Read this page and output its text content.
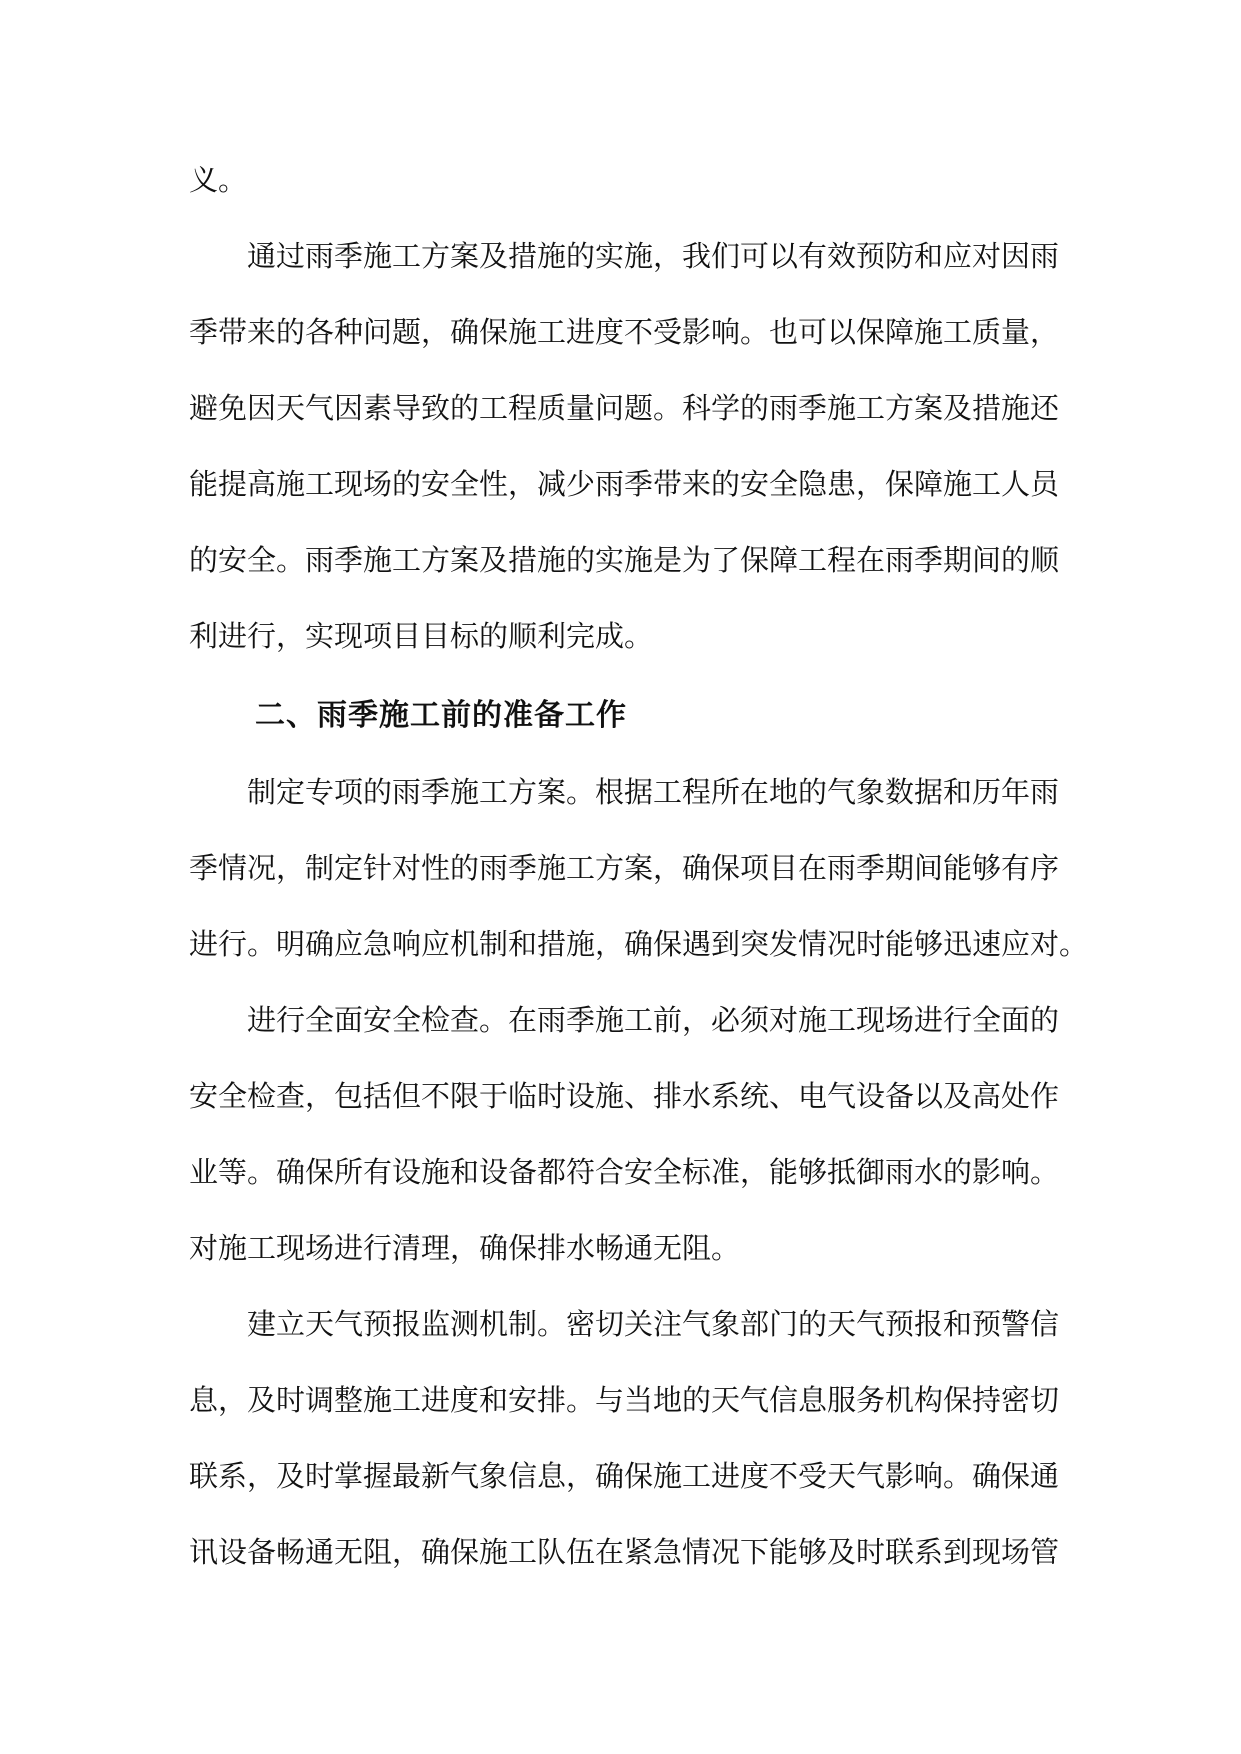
义。
通过雨季施工方案及措施的实施，我们可以有效预防和应对因雨
季带来的各种问题，确保施工进度不受影响。也可以保障施工质量，
避免因天气因素导致的工程质量问题。科学的雨季施工方案及措施还
能提高施工现场的安全性，减少雨季带来的安全隐患，保障施工人员
的安全。雨季施工方案及措施的实施是为了保障工程在雨季期间的顺
利进行，实现项目目标的顺利完成。
二、雨季施工前的准备工作
制定专项的雨季施工方案。根据工程所在地的气象数据和历年雨
季情况，制定针对性的雨季施工方案，确保项目在雨季期间能够有序
进行。明确应急响应机制和措施，确保遇到突发情况时能够迅速应对。
进行全面安全检查。在雨季施工前，必须对施工现场进行全面的
安全检查，包括但不限于临时设施、排水系统、电气设备以及高处作
业等。确保所有设施和设备都符合安全标准，能够抵御雨水的影响。
对施工现场进行清理，确保排水畅通无阻。
建立天气预报监测机制。密切关注气象部门的天气预报和预警信
息，及时调整施工进度和安排。与当地的天气信息服务机构保持密切
联系，及时掌握最新气象信息，确保施工进度不受天气影响。确保通
讯设备畅通无阻，确保施工队伍在紧急情况下能够及时联系到现场管
